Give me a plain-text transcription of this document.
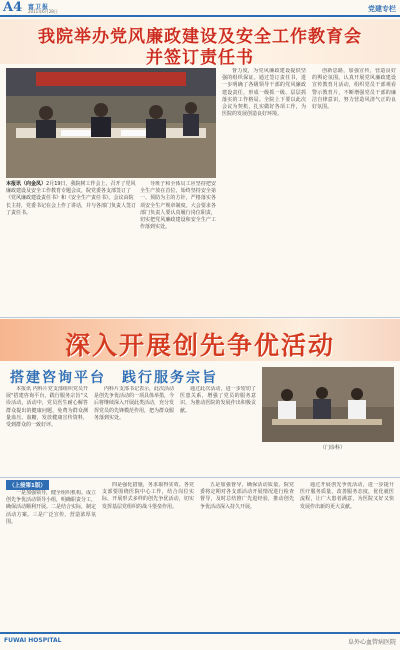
A4 富卫报
2011年6月28日	党建专栏
我院举办党风廉政建设及安全工作教育会
并签订责任书
本报讯（向金凤）2月19日，我院树工作会上，召开了党风廉政建设及安全工作教育专题会议，院党委各支部签订了《党风廉政建设责任书》和《安全生产责任书》。会议由院长主持，党委书记在会上作了讲话，并与各部门负责人签订了责任书。

导班子和全体员工应坚持把安全生产放在首位，始终坚持安全第一、预防为主的方针，严格落实各项安全生产规章制度。大会要求各部门负责人要认真履行岗位职责，切实把党风廉政建设和安全生产工作落到实处。

督力度，为党风廉政建设提供坚强的组织保证。通过签订责任书，进一步明确了各级领导干部的党风廉政建设责任，形成一级抓一级、层层抓落实的工作格局。全院上下要以此次会议为契机，扎实做好各项工作，为医院的发展创造良好环境。

创新思路，加强宣传，营造良好的舆论氛围。认真开展党风廉政建设宣传教育月活动，组织党员干部观看警示教育片，不断增强党员干部的廉洁自律意识，努力营造风清气正的良好氛围。

深入开展创先争优活动
搭建咨询平台 践行服务宗旨

本报讯 内科片党支部组织党员开展"搭建咨询平台，践行服务宗旨"义诊活动。活动中，党员医生耐心解答群众提出的健康问题，免费为群众测量血压、血糖，发放健康宣传资料，受到群众的一致好评。

内科片支部书记表示，此次活动是创先争优活动的一项具体举措，今后将继续深入开展此类活动，充分发挥党员的先锋模范作用，把为群众服务落到实处。

通过此次活动，进一步密切了医患关系，增强了党员的服务意识，为推动医院的发展作出积极贡献。

（门诊科）
（上接第1版）

一是加强领导，健全组织机构。成立创先争优活动领导小组，明确职责分工，确保活动顺利开展。二是结合实际，制定活动方案。三是广泛宣传，营造浓厚氛围。

四是强化措施，务求取得实效。各党支部要围绕医院中心工作，结合岗位实际，开展形式多样的创先争优活动，切实发挥基层党组织的战斗堡垒作用。

五是加强督导，确保活动质量。院党委将定期对各支部活动开展情况进行检查督导，及时总结推广先进经验，推动创先争优活动深入持久开展。

通过开展创先争优活动，进一步提升医疗服务质量，改善服务态度，优化就医流程，让广大患者满意，为医院又好又快发展作出新的更大贡献。

FUWAI HOSPITAL	阜外心血管病医院
